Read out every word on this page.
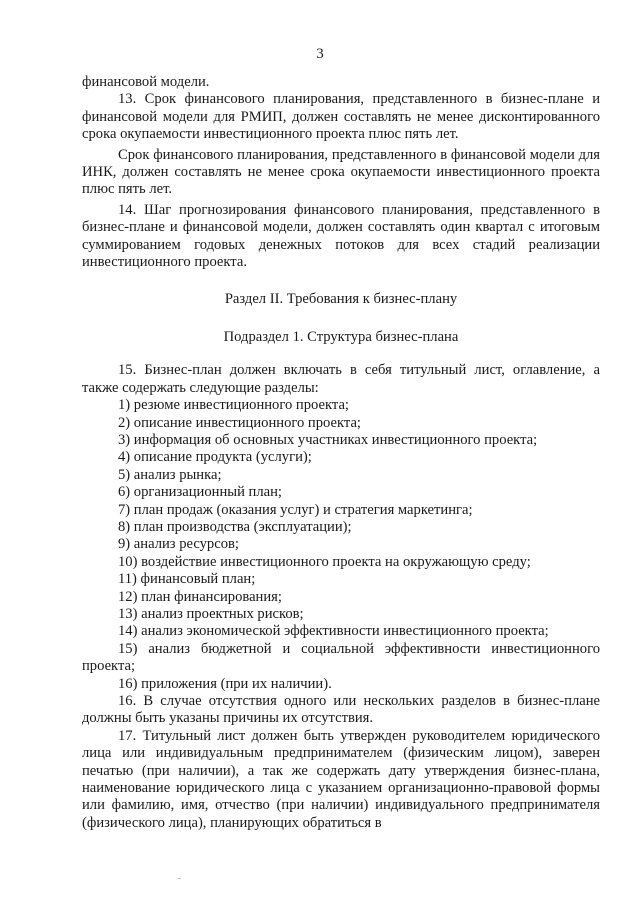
3

финансовой модели.

13. Срок финансового планирования, представленного в бизнес-плане и финансовой модели для РМИП, должен составлять не менее дисконтированного срока окупаемости инвестиционного проекта плюс пять лет.

Срок финансового планирования, представленного в финансовой модели для ИНК, должен составлять не менее срока окупаемости инвестиционного проекта плюс пять лет.

14. Шаг прогнозирования финансового планирования, представленного в бизнес-плане и финансовой модели, должен составлять один квартал с итоговым суммированием годовых денежных потоков для всех стадий реализации инвестиционного проекта.

Раздел II. Требования к бизнес-плану

Подраздел 1. Структура бизнес-плана

15. Бизнес-план должен включать в себя титульный лист, оглавление, а также содержать следующие разделы:

1) резюме инвестиционного проекта;

2) описание инвестиционного проекта;

3) информация об основных участниках инвестиционного проекта;

4) описание продукта (услуги);

5) анализ рынка;

6) организационный план;

7) план продаж (оказания услуг) и стратегия маркетинга;

8) план производства (эксплуатации);

9) анализ ресурсов;

10) воздействие инвестиционного проекта на окружающую среду;

11) финансовый план;

12) план финансирования;

13) анализ проектных рисков;

14) анализ экономической эффективности инвестиционного проекта;

15) анализ бюджетной и социальной эффективности инвестиционного проекта;

16) приложения (при их наличии).

16. В случае отсутствия одного или нескольких разделов в бизнес-плане должны быть указаны причины их отсутствия.

17. Титульный лист должен быть утвержден руководителем юридического лица или индивидуальным предпринимателем (физическим лицом), заверен печатью (при наличии), а так же содержать дату утверждения бизнес-плана, наименование юридического лица с указанием организационно-правовой формы или фамилию, имя, отчество (при наличии) индивидуального предпринимателя (физического лица), планирующих обратиться в
